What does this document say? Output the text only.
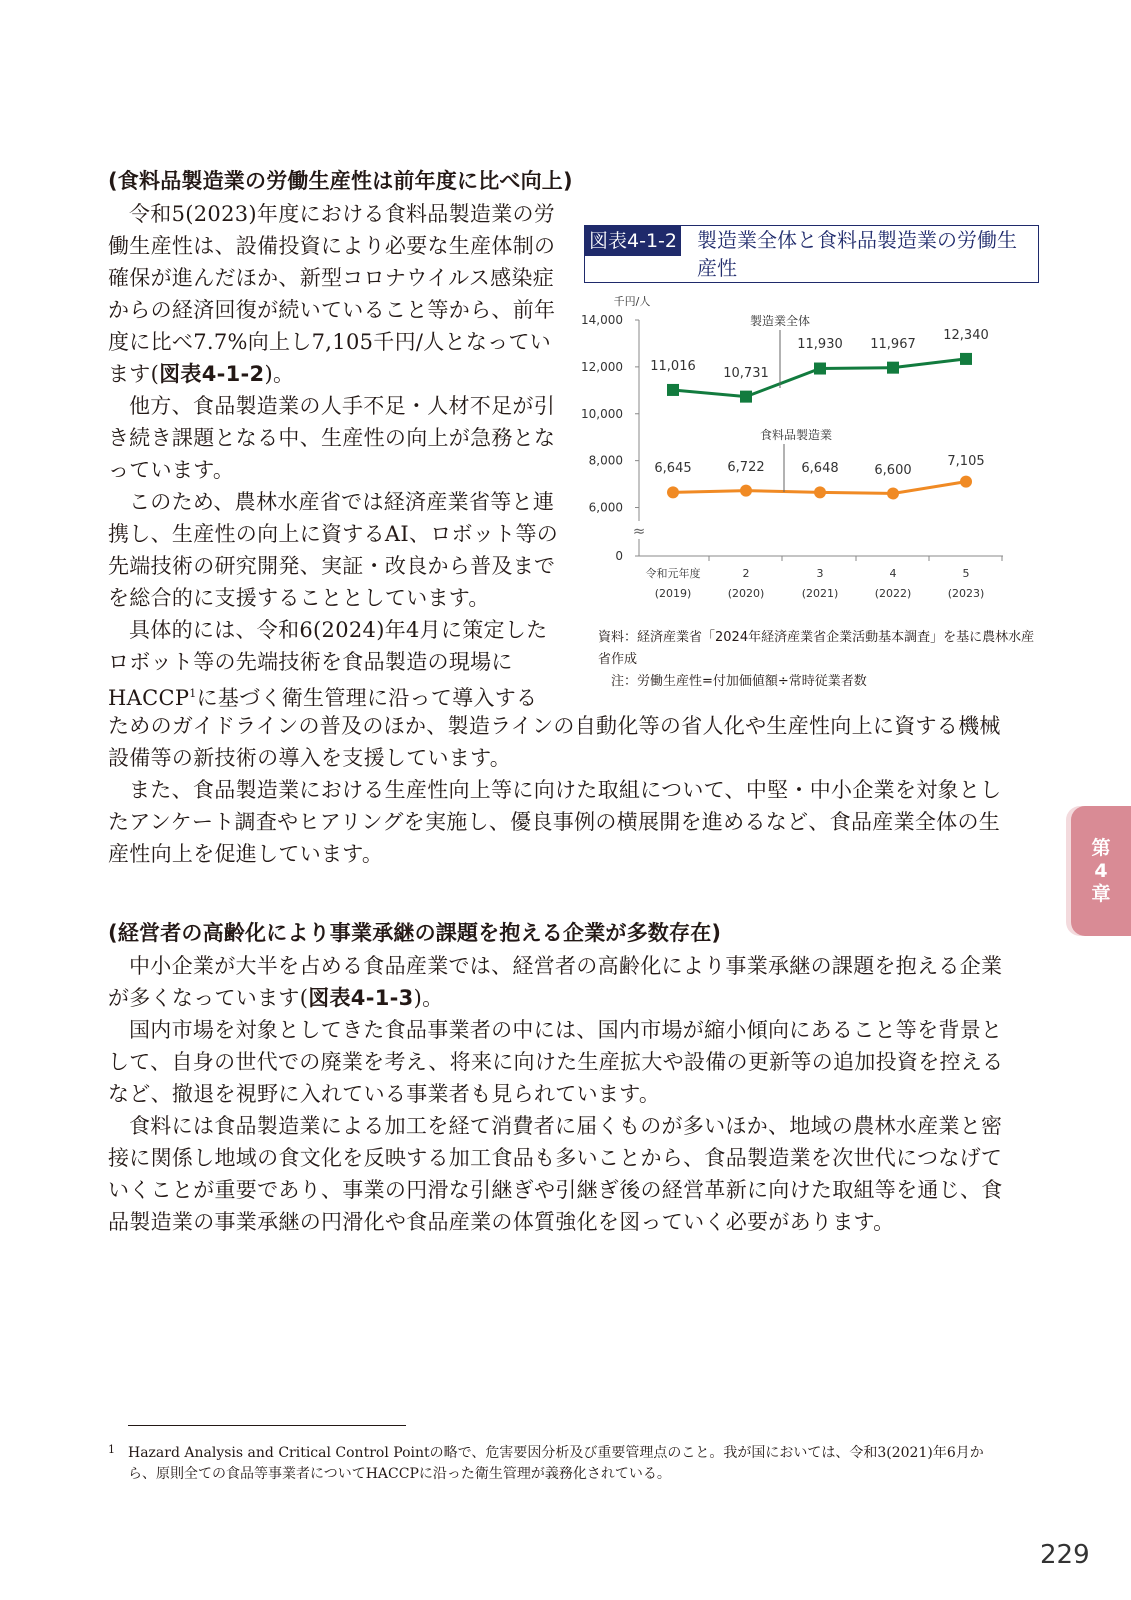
(食料品製造業の労働生産性は前年度に比べ向上)

令和5(2023)年度における食料品製造業の労働生産性は、設備投資により必要な生産体制の確保が進んだほか、新型コロナウイルス感染症からの経済回復が続いていること等から、前年度に比べ7.7%向上し7,105千円/人となっています(図表4-1-2)。

他方、食品製造業の人手不足・人材不足が引き続き課題となる中、生産性の向上が急務となっています。

このため、農林水産省では経済産業省等と連携し、生産性の向上に資するAI、ロボット等の先端技術の研究開発、実証・改良から普及までを総合的に支援することとしています。

具体的には、令和6(2024)年4月に策定したロボット等の先端技術を食品製造の現場にHACCP$^1$に基づく衛生管理に沿って導入する

ためのガイドラインの普及のほか、製造ラインの自動化等の省人化や生産性向上に資する機械設備等の新技術の導入を支援しています。

また、食品製造業における生産性向上等に向けた取組について、中堅・中小企業を対象としたアンケート調査やヒアリングを実施し、優良事例の横展開を進めるなど、食品産業全体の生産性向上を促進しています。

図表4-1-2 製造業全体と食料品製造業の労働生産性
≈
千円/人
14,000
12,000
10,000
8,000
6,000
0
令和元年度
(2019)
2
(2020)
3
(2021)
4
(2022)
5
(2023)
11,016 10,731
11,930 11,967
12,340
6,645	6,722	6,648	6,600
7,105
製造業全体
食料品製造業
資料：経済産業省「2024年経済産業省企業活動基本調査」を基に農林水産省作成
注：労働生産性=付加価値額÷常時従業者数
(経営者の高齢化により事業承継の課題を抱える企業が多数存在)

中小企業が大半を占める食品産業では、経営者の高齢化により事業承継の課題を抱える企業が多くなっています(図表4-1-3)。

国内市場を対象としてきた食品事業者の中には、国内市場が縮小傾向にあること等を背景として、自身の世代での廃業を考え、将来に向けた生産拡大や設備の更新等の追加投資を控えるなど、撤退を視野に入れている事業者も見られています。

食料には食品製造業による加工を経て消費者に届くものが多いほか、地域の農林水産業と密接に関係し地域の食文化を反映する加工食品も多いことから、食品製造業を次世代につなげていくことが重要であり、事業の円滑な引継ぎや引継ぎ後の経営革新に向けた取組等を通じ、食品製造業の事業承継の円滑化や食品産業の体質強化を図っていく必要があります。

第
4
章
1 Hazard Analysis and Critical Control Pointの略で、危害要因分析及び重要管理点のこと。我が国においては、令和3(2021)年6月から、原則全ての食品等事業者についてHACCPに沿った衛生管理が義務化されている。
229
